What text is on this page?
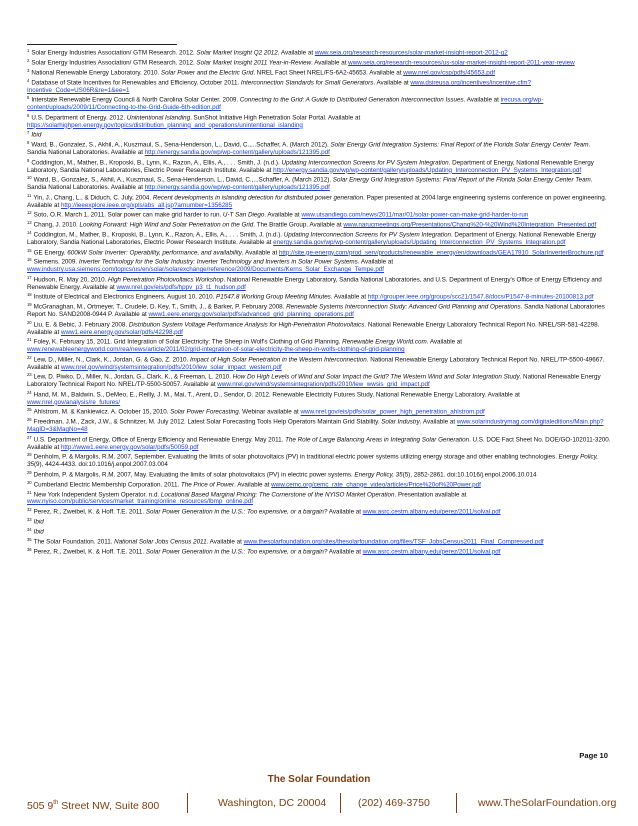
$^1$ Solar Energy Industries Association/ GTM Research. 2012. Solar Market Insight Q2 2012. Available at www.seia.org/research-resources/solar-market-insight-report-2012-q2

$^2$ Solar Energy Industries Association/ GTM Research. 2012. Solar Market Insight 2011 Year-in-Review. Available at www.seia.org/research-resources/us-solar-market-insight-report-2011-year-review

$^3$ National Renewable Energy Laboratory. 2010. Solar Power and the Electric Grid. NREL Fact Sheet NREL/FS-6A2-45653. Available at www.nrel.gov/csp/pdfs/45653.pdf

$^4$ Database of State Incentives for Renewables and Efficiency. October 2011. Interconnection Standards for Small Generators. Available at www.dsireusa.org/incentives/incentive.cfm?Incentive_Code=US06R&re=1&ee=1

$^5$ Interstate Renewable Energy Council & North Carolina Solar Center. 2009. Connecting to the Grid: A Guide to Distributed Generation Interconnection Issues. Available at irecusa.org/wp-content/uploads/2009/11/Connecting-to-the-Grid-Guide-6th-edition.pdf

$^6$ U.S. Department of Energy. 2012. Unintentional Islanding. SunShot Initiative High Penetration Solar Portal. Available at https://solarhighpen.energy.gov/topics/distribution_planning_and_operations/unintentional_islanding

$^7$ Ibid

$^8$ Ward, B., Gonzalez, S., Akhil, A., Kuszmaul, S., Sena-Henderson, L., David, C.,...Schaffer, A. (March 2012). Solar Energy Grid Integration Systems: Final Report of the Florida Solar Energy Center Team. Sandia National Laboratories. Available at http://energy.sandia.gov/wp/wp-content/gallery/uploads/121395.pdf

$^9$ Coddington, M., Mather, B., Kroposki, B., Lynn, K., Razon, A., Ellis, A., . . . Smith, J. (n.d.). Updating Interconnection Screens for PV System Integration. Department of Energy, National Renewable Energy Laboratory, Sandia National Laboratories, Electric Power Research Institute. Available at http://energy.sandia.gov/wp/wp-content/gallery/uploads/Updating_Interconnection_PV_Systems_Integration.pdf

$^{10}$ Ward, B., Gonzalez, S., Akhil, A., Kuszmaul, S., Sena-Henderson, L., David, C.,...Schaffer, A. (March 2012). Solar Energy Grid Integration Systems: Final Report of the Florida Solar Energy Center Team. Sandia National Laboratories. Available at http://energy.sandia.gov/wp/wp-content/gallery/uploads/121395.pdf

$^{11}$ Yin, J., Chang, L., & Diduch, C. July, 2004. Recent developments in islanding detection for distributed power generation. Paper presented at 2004 large engineering systems conference on power engineering. Available at http://ieeexplore.ieee.org/xpls/abs_all.jsp?arnumber=1356285

$^{12}$ Soto, O.R. March 1, 2011. Solar power can make grid harder to run. U-T San Diego. Available at www.utsandiego.com/news/2011/mar/01/solar-power-can-make-grid-harder-to-run

$^{13}$ Chang, J. 2010. Looking Forward: High Wind and Solar Penetration on the Grid. The Brattle Group. Available at www.narucmeetings.org/Presentations/Chang%20-%20Wind%20Integration_Presented.pdf

$^{14}$ Coddington, M., Mather, B., Kroposki, B., Lynn, K., Razon, A., Ellis, A., . . . Smith, J. (n.d.). Updating Interconnection Screens for PV System Integration. Department of Energy, National Renewable Energy Laboratory, Sandia National Laboratories, Electric Power Research Institute. Available at energy.sandia.gov/wp/wp-content/gallery/uploads/Updating_Interconnection_PV_Systems_Integration.pdf

$^{15}$ GE Energy. 600kW Solar Inverter: Operability, performance, and availability. Available at http://site.ge-energy.com/prod_serv/products/renewable_energy/en/downloads/GEA17910_SolarInverterBrochure.pdf

$^{16}$ Siemens. 2009. Inverter Technology for the Solar Industry: Inverter Technology and Inverters in Solar Power Systems. Available at www.industry.usa.siemens.com/topics/us/en/solar/solarexchange/reference/2009/Documents/Kerns_Solar_Exchange_Tempe.pdf

$^{17}$ Hudson, R. May 20, 2010. High Penetration Photovoltaics Workshop. National Renewable Energy Laboratory, Sandia National Laboratories, and U.S. Department of Energy's Office of Energy Efficiency and Renewable Energy. Available at www.nrel.gov/eis/pdfs/hppv_p3_t1_hudson.pdf

$^{18}$ Institute of Electrical and Electronics Engineers. August 10, 2010. P1547.8 Working Group Meeting Minutes. Available at http://grouper.ieee.org/groups/scc21/1547.8/docs/P1547-8-minutes-20100813.pdf

$^{19}$ McGranaghan, M., Ortmeyer, T., Crudele, D. Key, T., Smith, J., & Barker, P. February 2008. Renewable Systems Interconnection Study: Advanced Grid Planning and Operations. Sandia National Laboratories Report No. SAND2008-0944 P. Available at www1.eere.energy.gov/solar/pdfs/advanced_grid_planning_operations.pdf

$^{20}$ Liu, E. & Bebic, J. February 2008. Distribution System Voltage Performance Analysis for High-Penetration Photovoltaics. National Renewable Energy Laboratory Technical Report No. NREL/SR-581-42298. Available at www1.eere.energy.gov/solar/pdfs/42298.pdf

$^{21}$ Foley, K. February 15, 2011. Grid Integration of Solar Electricity: The Sheep in Wolf's Clothing of Grid Planning. Renewable Energy World.com. Available at www.renewableenergyworld.com/rea/news/article/2011/02/grid-integration-of-solar-electricity-the-sheep-in-wolfs-clothing-of-grid-planning

$^{22}$ Lew, D., Miller, N., Clark, K., Jordan, G. & Gao, Z. 2010. Impact of High Solar Penetration in the Western Interconnection. National Renewable Energy Laboratory Technical Report No. NREL/TP-5500-49667. Available at www.nrel.gov/wind/systemsintegration/pdfs/2010/lew_solar_impact_western.pdf

$^{23}$ Lew, D. Piwko, D., Miller, N., Jordan, G., Clark, K., & Freeman, L. 2010. How Do High Levels of Wind and Solar Impact the Grid? The Western Wind and Solar Integration Study. National Renewable Energy Laboratory Technical Report No. NREL/TP-5500-50057. Available at www.nrel.gov/wind/systemsintegration/pdfs/2010/lew_wwsis_grid_impact.pdf

$^{24}$ Hand, M. M., Baldwin, S., DeMeo, E., Reilly, J. M., Mai, T., Arent, D., Sendor, D. 2012. Renewable Electricity Futures Study. National Renewable Energy Laboratory. Available at www.nrel.gov/analysis/re_futures/

$^{25}$ Ahlstrom, M. & Kankiewicz. A. October 15, 2010. Solar Power Forecasting. Webinar available at www.nrel.gov/eis/pdfs/solar_power_high_penetration_ahlstrom.pdf

$^{26}$ Freedman, J.M., Zack, J.W., & Schnitzer, M. July 2012. Latest Solar Forecasting Tools Help Operators Maintain Grid Stability. Solar Industry. Available at www.solarindustrymag.com/digitaleditions/Main.php?MagID=3&MagNo=48

$^{27}$ U.S. Department of Energy, Office of Energy Efficiency and Renewable Energy. May 2011. The Role of Large Balancing Areas in Integrating Solar Generation. U.S. DOE Fact Sheet No. DOE/GO-102011-3200. Available at http://www1.eere.energy.gov/solar/pdfs/50059.pdf

$^{28}$ Denholm, P. & Margolis, R.M. 2007, September. Evaluating the limits of solar photovoltaics (PV) in traditional electric power systems utilizing energy storage and other enabling technologies. Energy Policy, 35(9), 4424-4433. doi:10.1016/j.enpol.2007.03.004

$^{29}$ Denholm, P. & Margolis, R.M. 2007, May. Evaluating the limits of solar photovoltaics (PV) in electric power systems. Energy Policy, 35(5), 2852-2861. doi:10.1016/j.enpol.2006.10.014

$^{30}$ Cumberland Electric Membership Corporation. 2011. The Price of Power. Available at www.cemc.org/cemc_rate_change_video/articles/Price%20of%20Power.pdf

$^{31}$ New York Independent System Operator. n.d. Locational Based Marginal Pricing: The Cornerstone of the NYISO Market Operation. Presentation available at www.nyiso.com/public/services/market_training/online_resources/lbmp_online.pdf

$^{32}$ Perez, R., Zweibel, K. & Hoff. T.E. 2011. Solar Power Generation in the U.S.: Too expensive, or a bargain? Available at www.asrc.cestm.albany.edu/perez/2011/solval.pdf

$^{33}$ Ibid

$^{34}$ Ibid

$^{35}$ The Solar Foundation. 2011. National Solar Jobs Census 2011. Available at www.thesolarfoundation.org/sites/thesolarfoundation.org/files/TSF_JobsCensus2011_Final_Compressed.pdf

$^{36}$ Perez, R., Zweibel, K. & Hoff. T.E. 2011. Solar Power Generation in the U.S.: Too expensive, or a bargain? Available at www.asrc.cestm.albany.edu/perez/2011/solval.pdf

Page 10
The Solar Foundation
505 9th Street NW, Suite 800	Washington, DC 20004	(202) 469-3750	www.TheSolarFoundation.org
